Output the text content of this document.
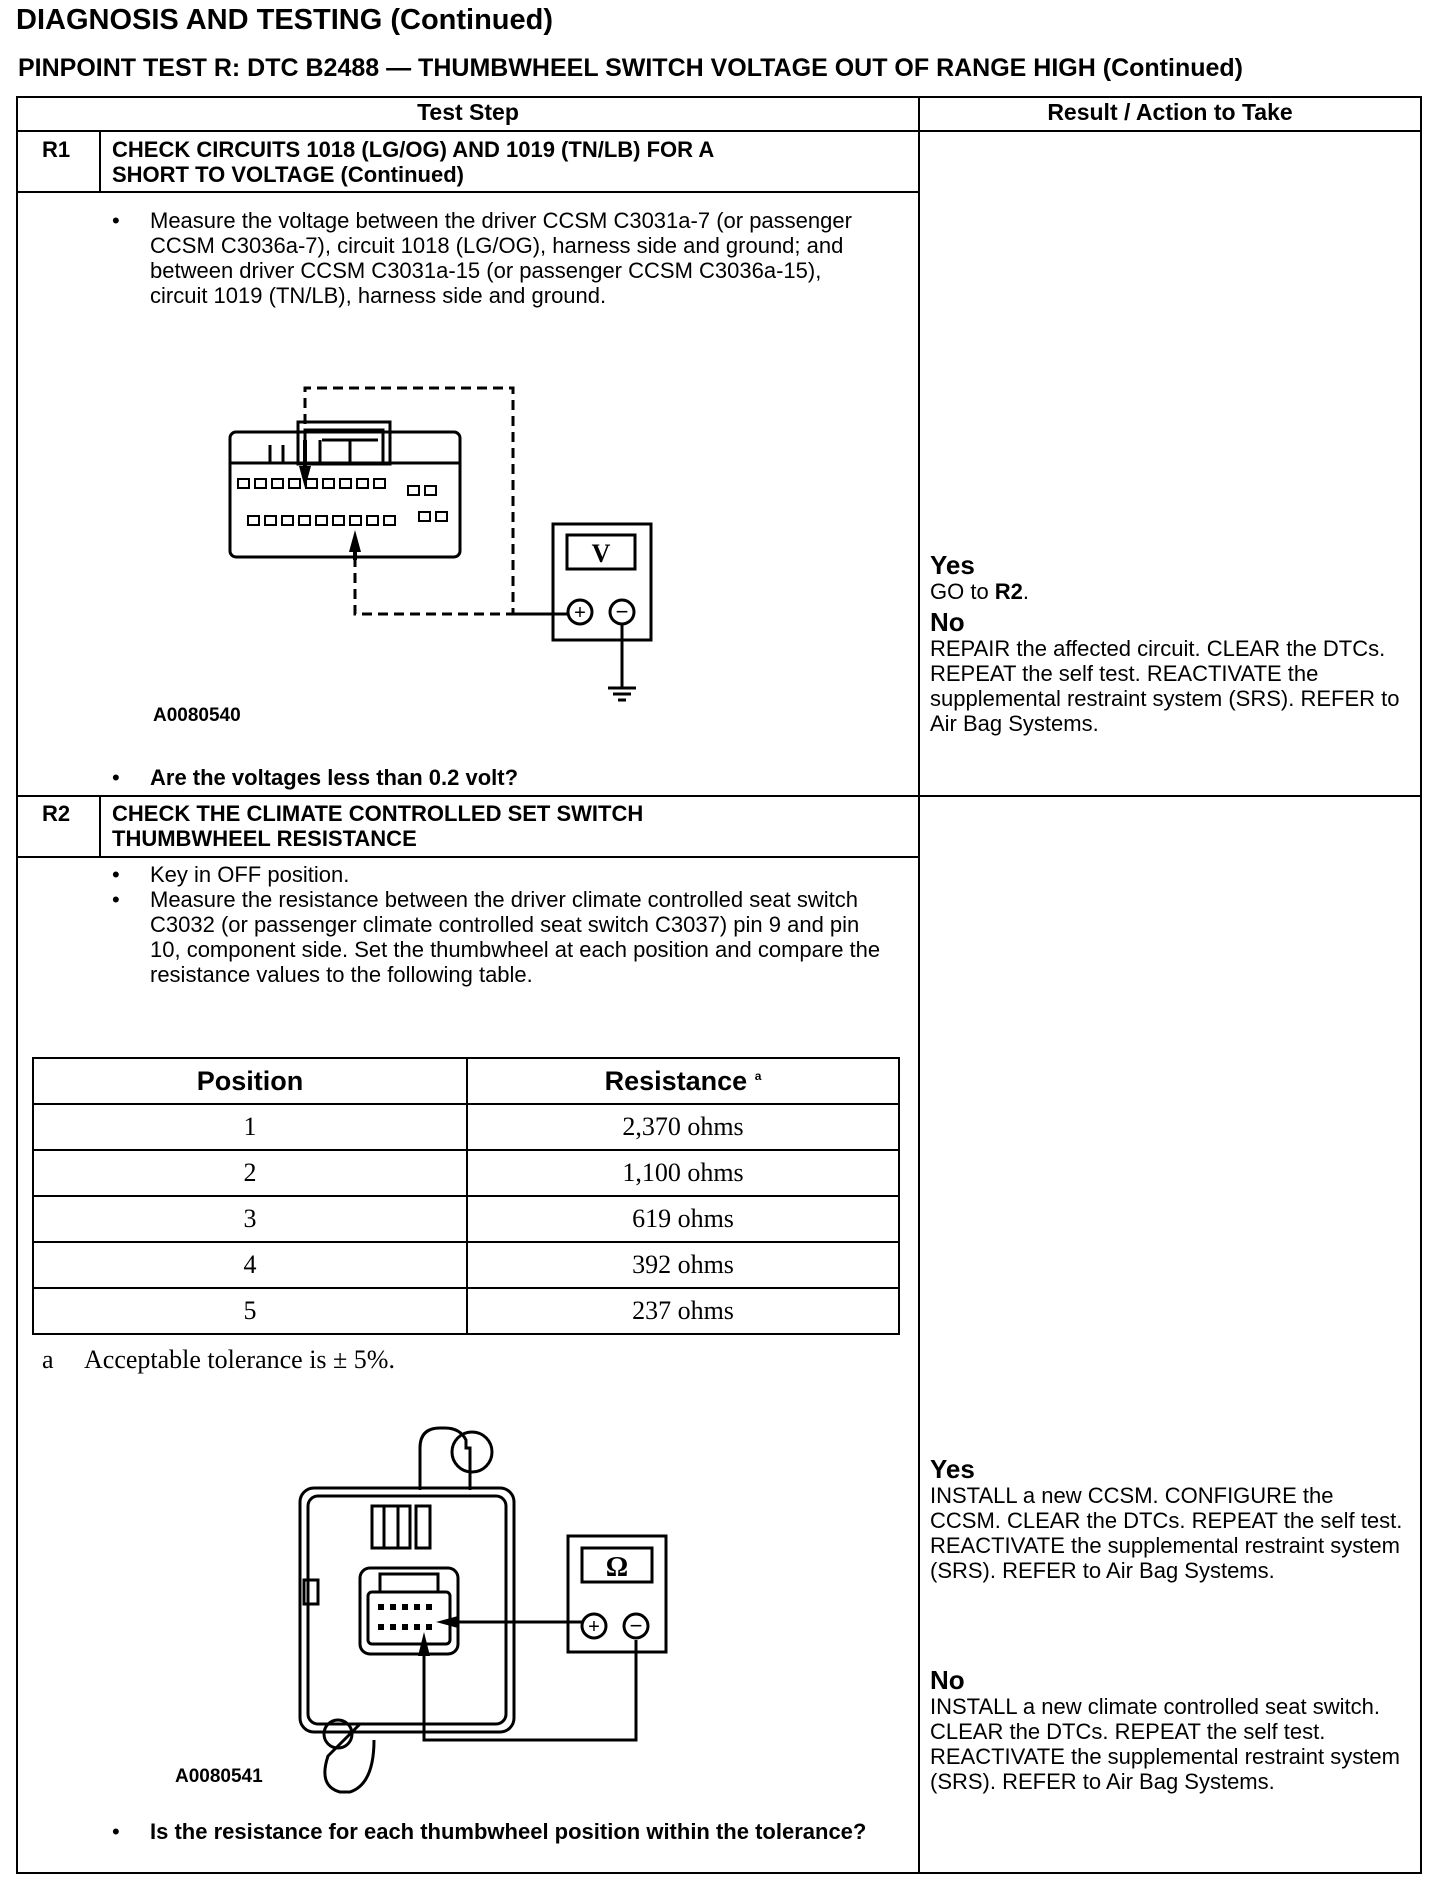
DIAGNOSIS AND TESTING (Continued)
PINPOINT TEST R: DTC B2488 — THUMBWHEEL SWITCH VOLTAGE OUT OF RANGE HIGH (Continued)
Test Step	Result / Action to Take
R1 CHECK CIRCUITS 1018 (LG/OG) AND 1019 (TN/LB) FOR A
SHORT TO VOLTAGE (Continued)
• Measure the voltage between the driver CCSM C3031a-7 (or passenger CCSM C3036a-7), circuit 1018 (LG/OG), harness side and ground; and between driver CCSM C3031a-15 (or passenger CCSM C3036a-15), circuit 1019 (TN/LB), harness side and ground.
V
+ −
A0080540
• Are the voltages less than 0.2 volt?
Yes
GO to R2.
No
REPAIR the affected circuit. CLEAR the DTCs. REPEAT the self test. REACTIVATE the supplemental restraint system (SRS). REFER to Air Bag Systems.
R2 CHECK THE CLIMATE CONTROLLED SET SWITCH
THUMBWHEEL RESISTANCE
• Key in OFF position.
• Measure the resistance between the driver climate controlled seat switch C3032 (or passenger climate controlled seat switch C3037) pin 9 and pin 10, component side. Set the thumbwheel at each position and compare the resistance values to the following table.
Position	Resistance $^a$
1	2,370 ohms
2	1,100 ohms
3	619 ohms
4	392 ohms
5	237 ohms
a Acceptable tolerance is ± 5%.
Ω
+ −
A0080541
• Is the resistance for each thumbwheel position within the tolerance?
Yes
INSTALL a new CCSM. CONFIGURE the CCSM. CLEAR the DTCs. REPEAT the self test. REACTIVATE the supplemental restraint system (SRS). REFER to Air Bag Systems.
No
INSTALL a new climate controlled seat switch. CLEAR the DTCs. REPEAT the self test. REACTIVATE the supplemental restraint system (SRS). REFER to Air Bag Systems.
